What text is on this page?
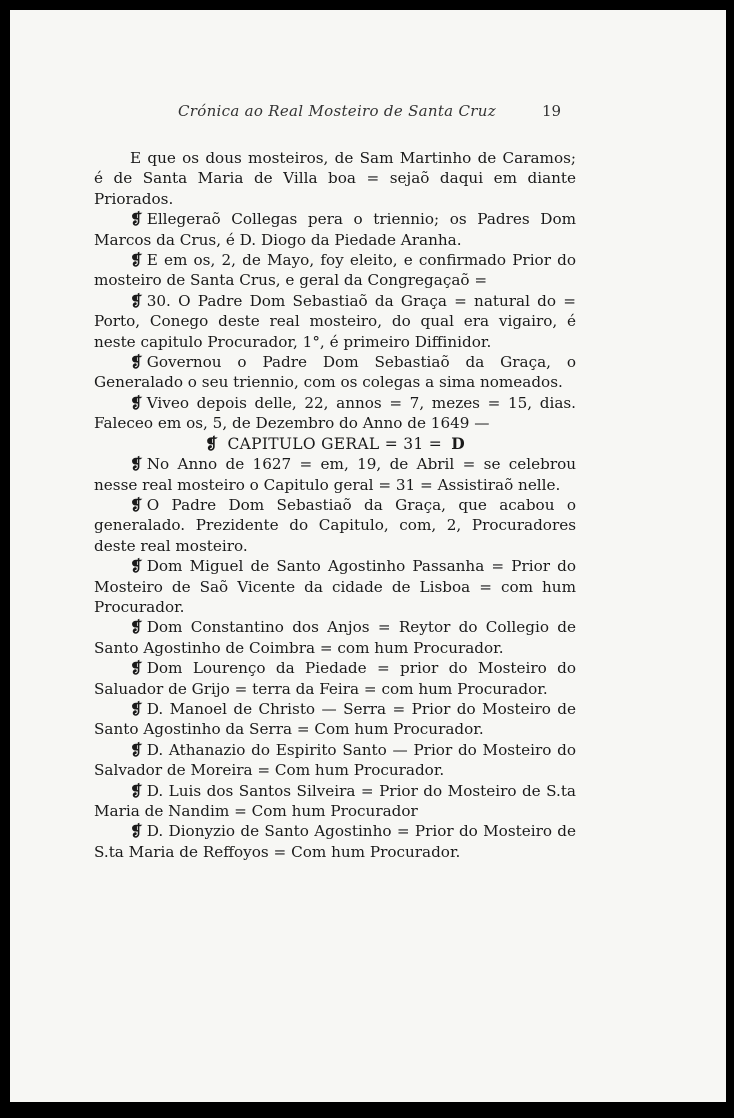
Crónica ao Real Mosteiro de Santa Cruz	19

E que os dous mosteiros, de Sam Martinho de Caramos; é de Santa Maria de Villa boa = sejaõ daqui em diante Priorados.

❡ Ellegeraõ Collegas pera o triennio; os Padres Dom Marcos da Crus, é D. Diogo da Piedade Aranha.

❡ E em os, 2, de Mayo, foy eleito, e confirmado Prior do mosteiro de Santa Crus, e geral da Congregaçaõ =

❡ 30. O Padre Dom Sebastiaõ da Graça = natural do = Porto, Conego deste real mosteiro, do qual era vigairo, é neste capitulo Procurador, 1°, é primeiro Diffinidor.

❡ Governou o Padre Dom Sebastiaõ da Graça, o Generalado o seu triennio, com os colegas a sima nomeados.

❡ Viveo depois delle, 22, annos = 7, mezes = 15, dias. Faleceo em os, 5, de Dezembro do Anno de 1649 —

❡ CAPITULO GERAL = 31 = D

❡ No Anno de 1627 = em, 19, de Abril = se celebrou nesse real mosteiro o Capitulo geral = 31 = Assistiraõ nelle.

❡ O Padre Dom Sebastiaõ da Graça, que acabou o generalado. Prezidente do Capitulo, com, 2, Procuradores deste real mosteiro.

❡ Dom Miguel de Santo Agostinho Passanha = Prior do Mosteiro de Saõ Vicente da cidade de Lisboa = com hum Procurador.

❡ Dom Constantino dos Anjos = Reytor do Collegio de Santo Agostinho de Coimbra = com hum Procurador.

❡ Dom Lourenço da Piedade = prior do Mosteiro do Saluador de Grijo = terra da Feira = com hum Procurador.

❡ D. Manoel de Christo — Serra = Prior do Mosteiro de Santo Agostinho da Serra = Com hum Procurador.

❡ D. Athanazio do Espirito Santo — Prior do Mosteiro do Salvador de Moreira = Com hum Procurador.

❡ D. Luis dos Santos Silveira = Prior do Mosteiro de S.ta Maria de Nandim = Com hum Procurador

❡ D. Dionyzio de Santo Agostinho = Prior do Mosteiro de S.ta Maria de Reffoyos = Com hum Procurador.
